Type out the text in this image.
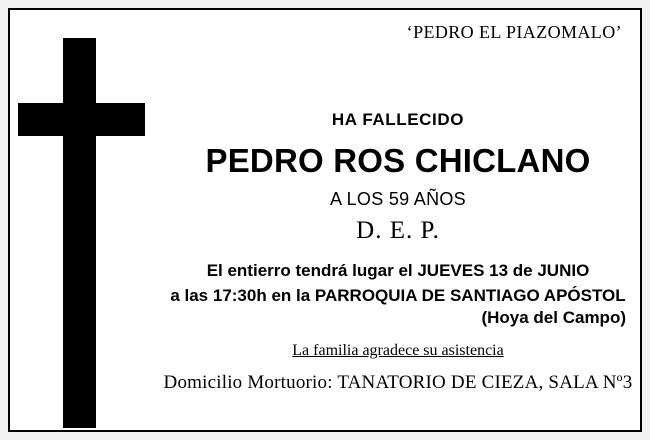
‘PEDRO EL PIAZOMALO’
HA FALLECIDO
PEDRO ROS CHICLANO
A LOS 59 AÑOS
D. E. P.
El entierro tendrá lugar el JUEVES 13 de JUNIO
a las 17:30h en la PARROQUIA DE SANTIAGO APÓSTOL
(Hoya del Campo)
La familia agradece su asistencia
Domicilio Mortuorio: TANATORIO DE CIEZA, SALA Nº3
